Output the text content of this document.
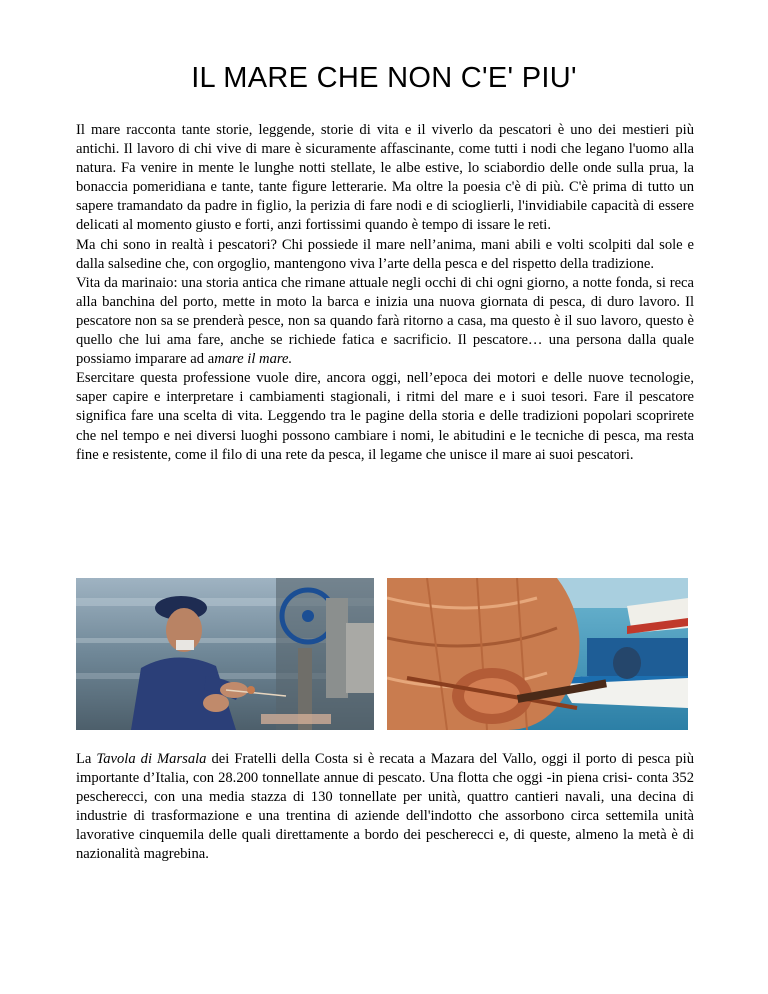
IL MARE CHE NON C'E' PIU'

Il mare racconta tante storie, leggende, storie di vita e il viverlo da pescatori è uno dei mestieri più antichi. Il lavoro di chi vive di mare è sicuramente affascinante, come tutti i nodi che legano l'uomo alla natura. Fa venire in mente le lunghe notti stellate, le albe estive, lo sciabordio delle onde sulla prua, la bonaccia pomeridiana e tante, tante figure letterarie. Ma oltre la poesia c'è di più. C'è prima di tutto un sapere tramandato da padre in figlio, la perizia di fare nodi e di scioglierli, l'invidiabile capacità di essere delicati al momento giusto e forti, anzi fortissimi quando è tempo di issare le reti.

Ma chi sono in realtà i pescatori? Chi possiede il mare nell’anima, mani abili e volti scolpiti dal sole e dalla salsedine che, con orgoglio, mantengono viva l’arte della pesca e del rispetto della tradizione.

Vita da marinaio: una storia antica che rimane attuale negli occhi di chi ogni giorno, a notte fonda, si reca alla banchina del porto, mette in moto la barca e inizia una nuova giornata di pesca, di duro lavoro. Il pescatore non sa se prenderà pesce, non sa quando farà ritorno a casa, ma questo è il suo lavoro, questo è quello che lui ama fare, anche se richiede fatica e sacrificio. Il pescatore… una persona dalla quale possiamo imparare ad amare il mare.

Esercitare questa professione vuole dire, ancora oggi, nell’epoca dei motori e delle nuove tecnologie, saper capire e interpretare i cambiamenti stagionali, i ritmi del mare e i suoi tesori. Fare il pescatore significa fare una scelta di vita. Leggendo tra le pagine della storia e delle tradizioni popolari scoprirete che nel tempo e nei diversi luoghi possono cambiare i nomi, le abitudini e le tecniche di pesca, ma resta fine e resistente, come il filo di una rete da pesca, il legame che unisce il mare ai suoi pescatori.

La Tavola di Marsala dei Fratelli della Costa si è recata a Mazara del Vallo, oggi il porto di pesca più importante d’Italia, con 28.200 tonnellate annue di pescato. Una flotta che oggi -in piena crisi- conta 352 pescherecci, con una media stazza di 130 tonnellate per unità, quattro cantieri navali, una decina di industrie di trasformazione e una trentina di aziende dell'indotto che assorbono circa settemila unità lavorative cinquemila delle quali direttamente a bordo dei pescherecci e, di queste, almeno la metà è di nazionalità magrebina.
